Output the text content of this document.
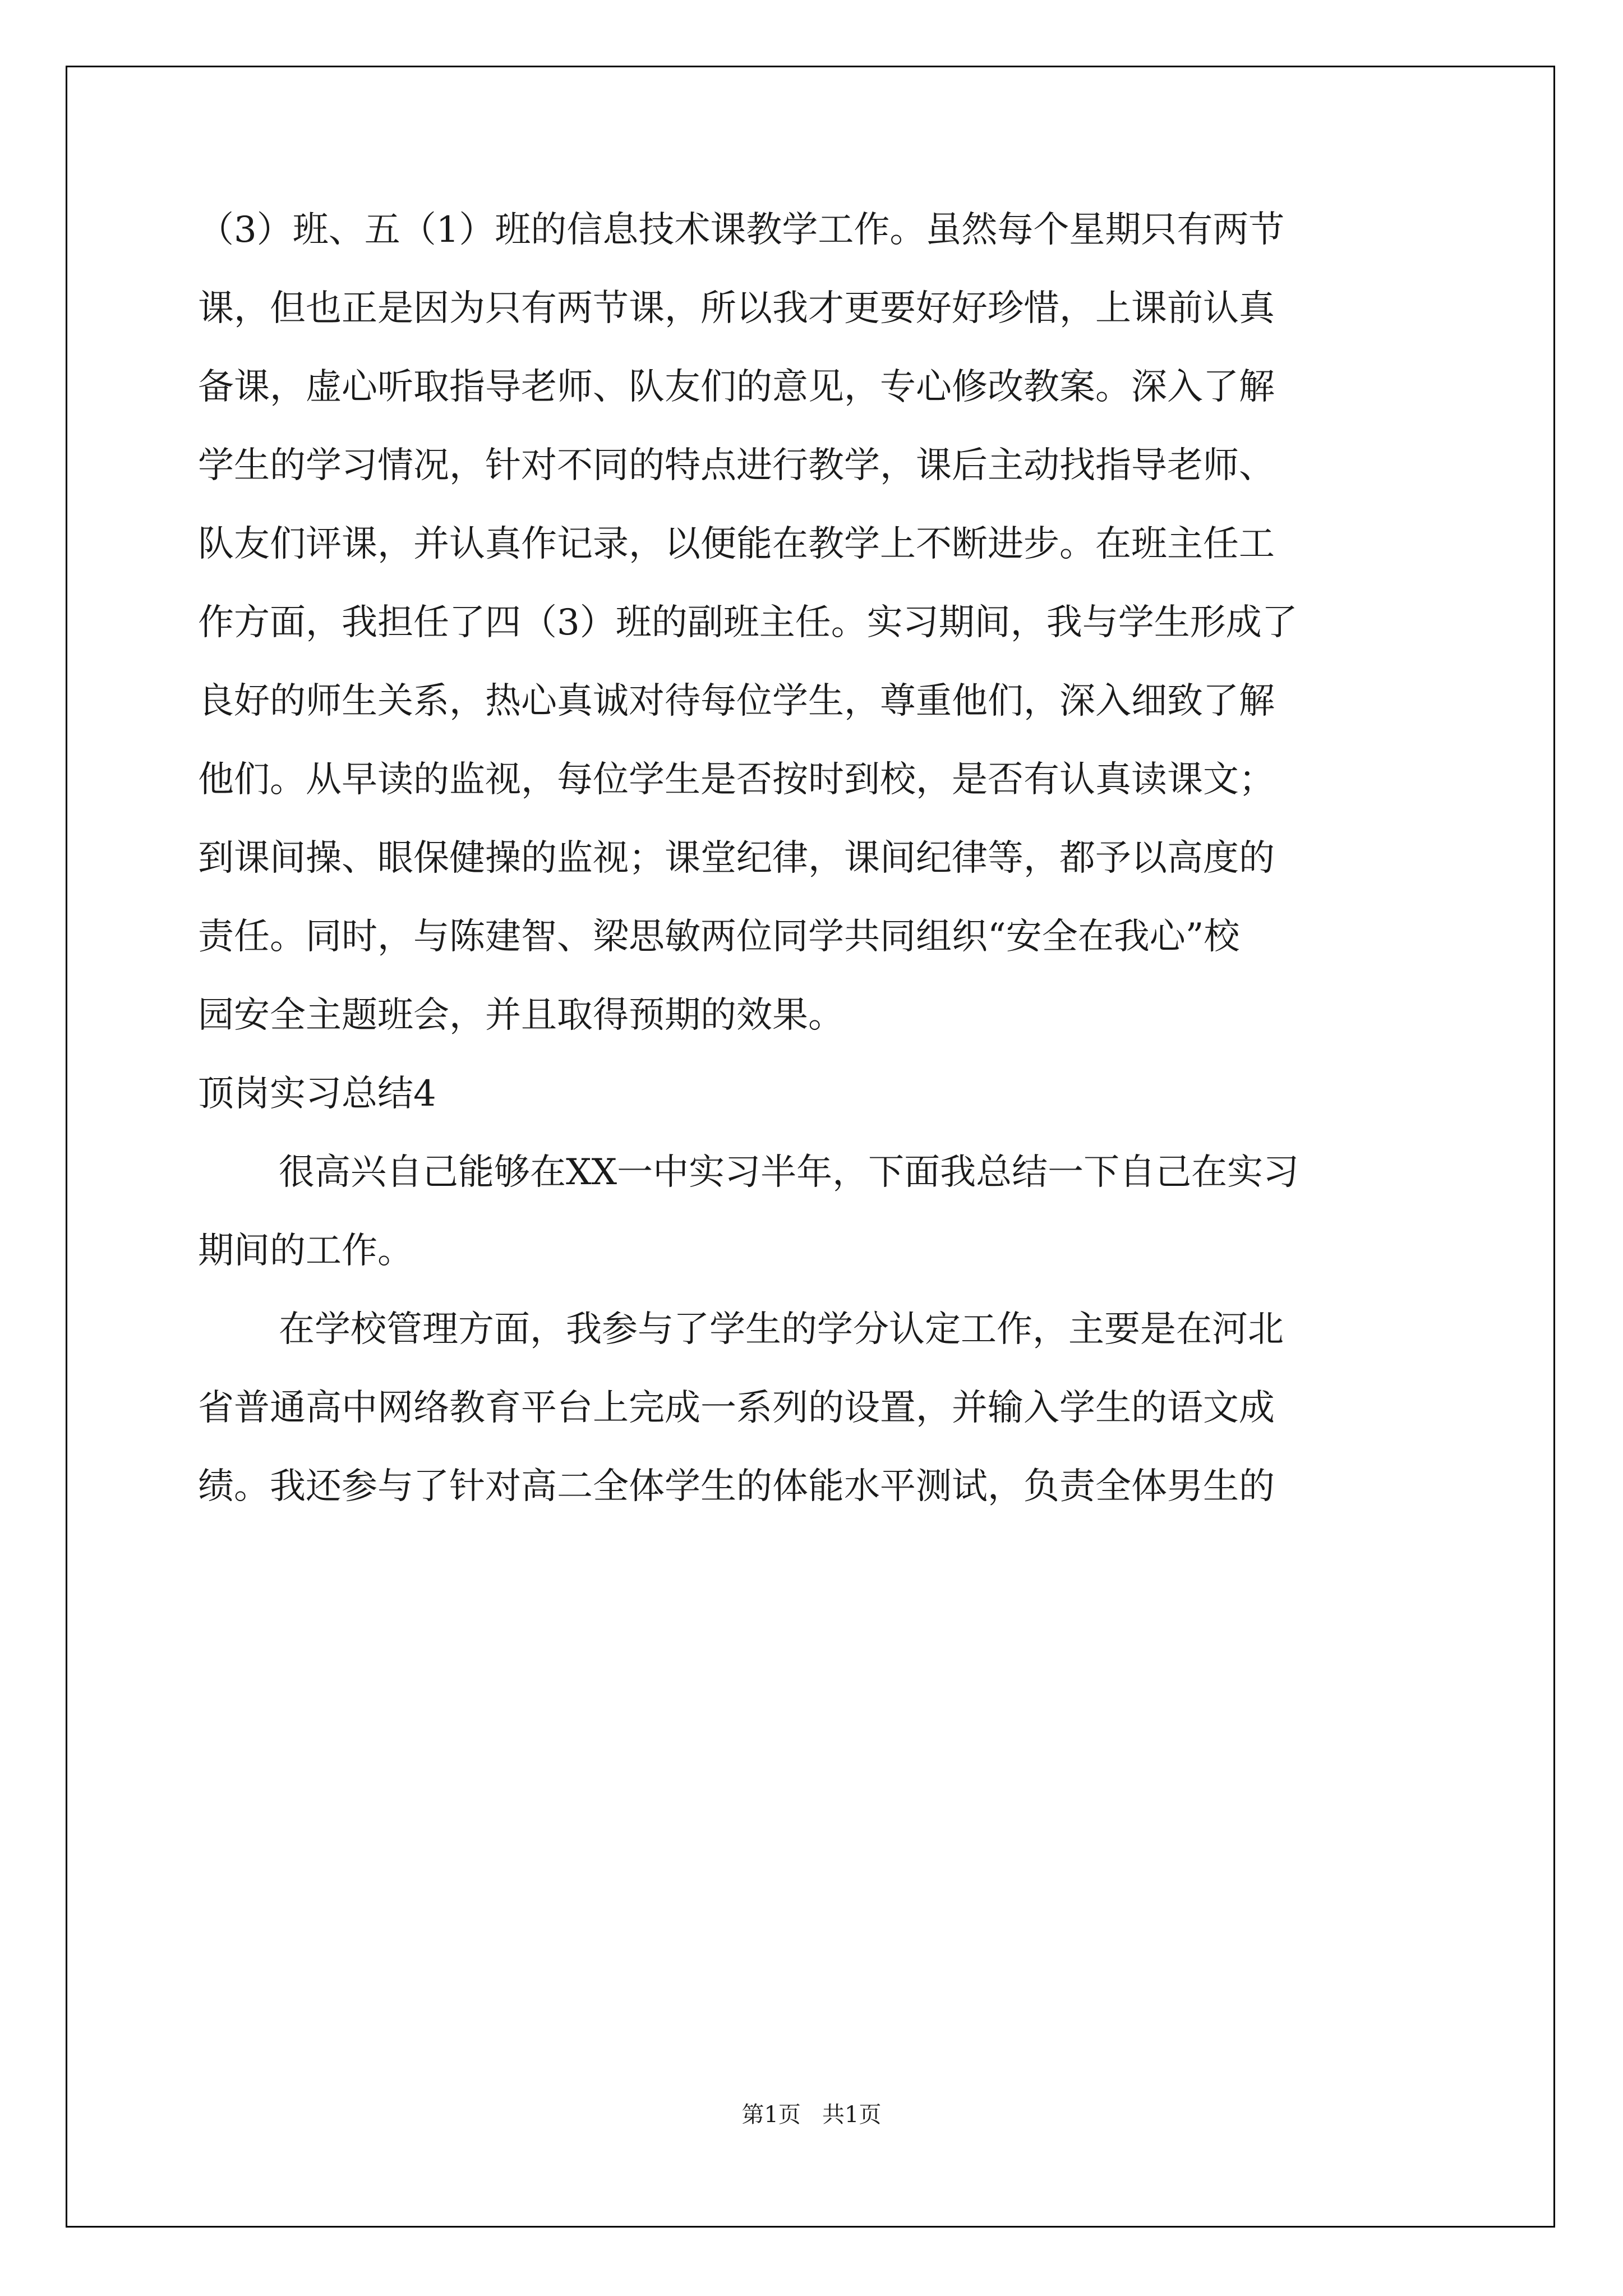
（3）班、五（1）班的信息技术课教学工作。虽然每个星期只有两节
课，但也正是因为只有两节课，所以我才更要好好珍惜，上课前认真
备课，虚心听取指导老师、队友们的意见，专心修改教案。深入了解
学生的学习情况，针对不同的特点进行教学，课后主动找指导老师、
队友们评课，并认真作记录，以便能在教学上不断进步。在班主任工
作方面，我担任了四（3）班的副班主任。实习期间，我与学生形成了
良好的师生关系，热心真诚对待每位学生，尊重他们，深入细致了解
他们。从早读的监视，每位学生是否按时到校，是否有认真读课文；
到课间操、眼保健操的监视；课堂纪律，课间纪律等，都予以高度的
责任。同时，与陈建智、梁思敏两位同学共同组织“安全在我心”校
园安全主题班会，并且取得预期的效果。
顶岗实习总结4
很高兴自己能够在XX一中实习半年，下面我总结一下自己在实习
期间的工作。
在学校管理方面，我参与了学生的学分认定工作，主要是在河北
省普通高中网络教育平台上完成一系列的设置，并输入学生的语文成
绩。我还参与了针对高二全体学生的体能水平测试，负责全体男生的
第1页   共1页
